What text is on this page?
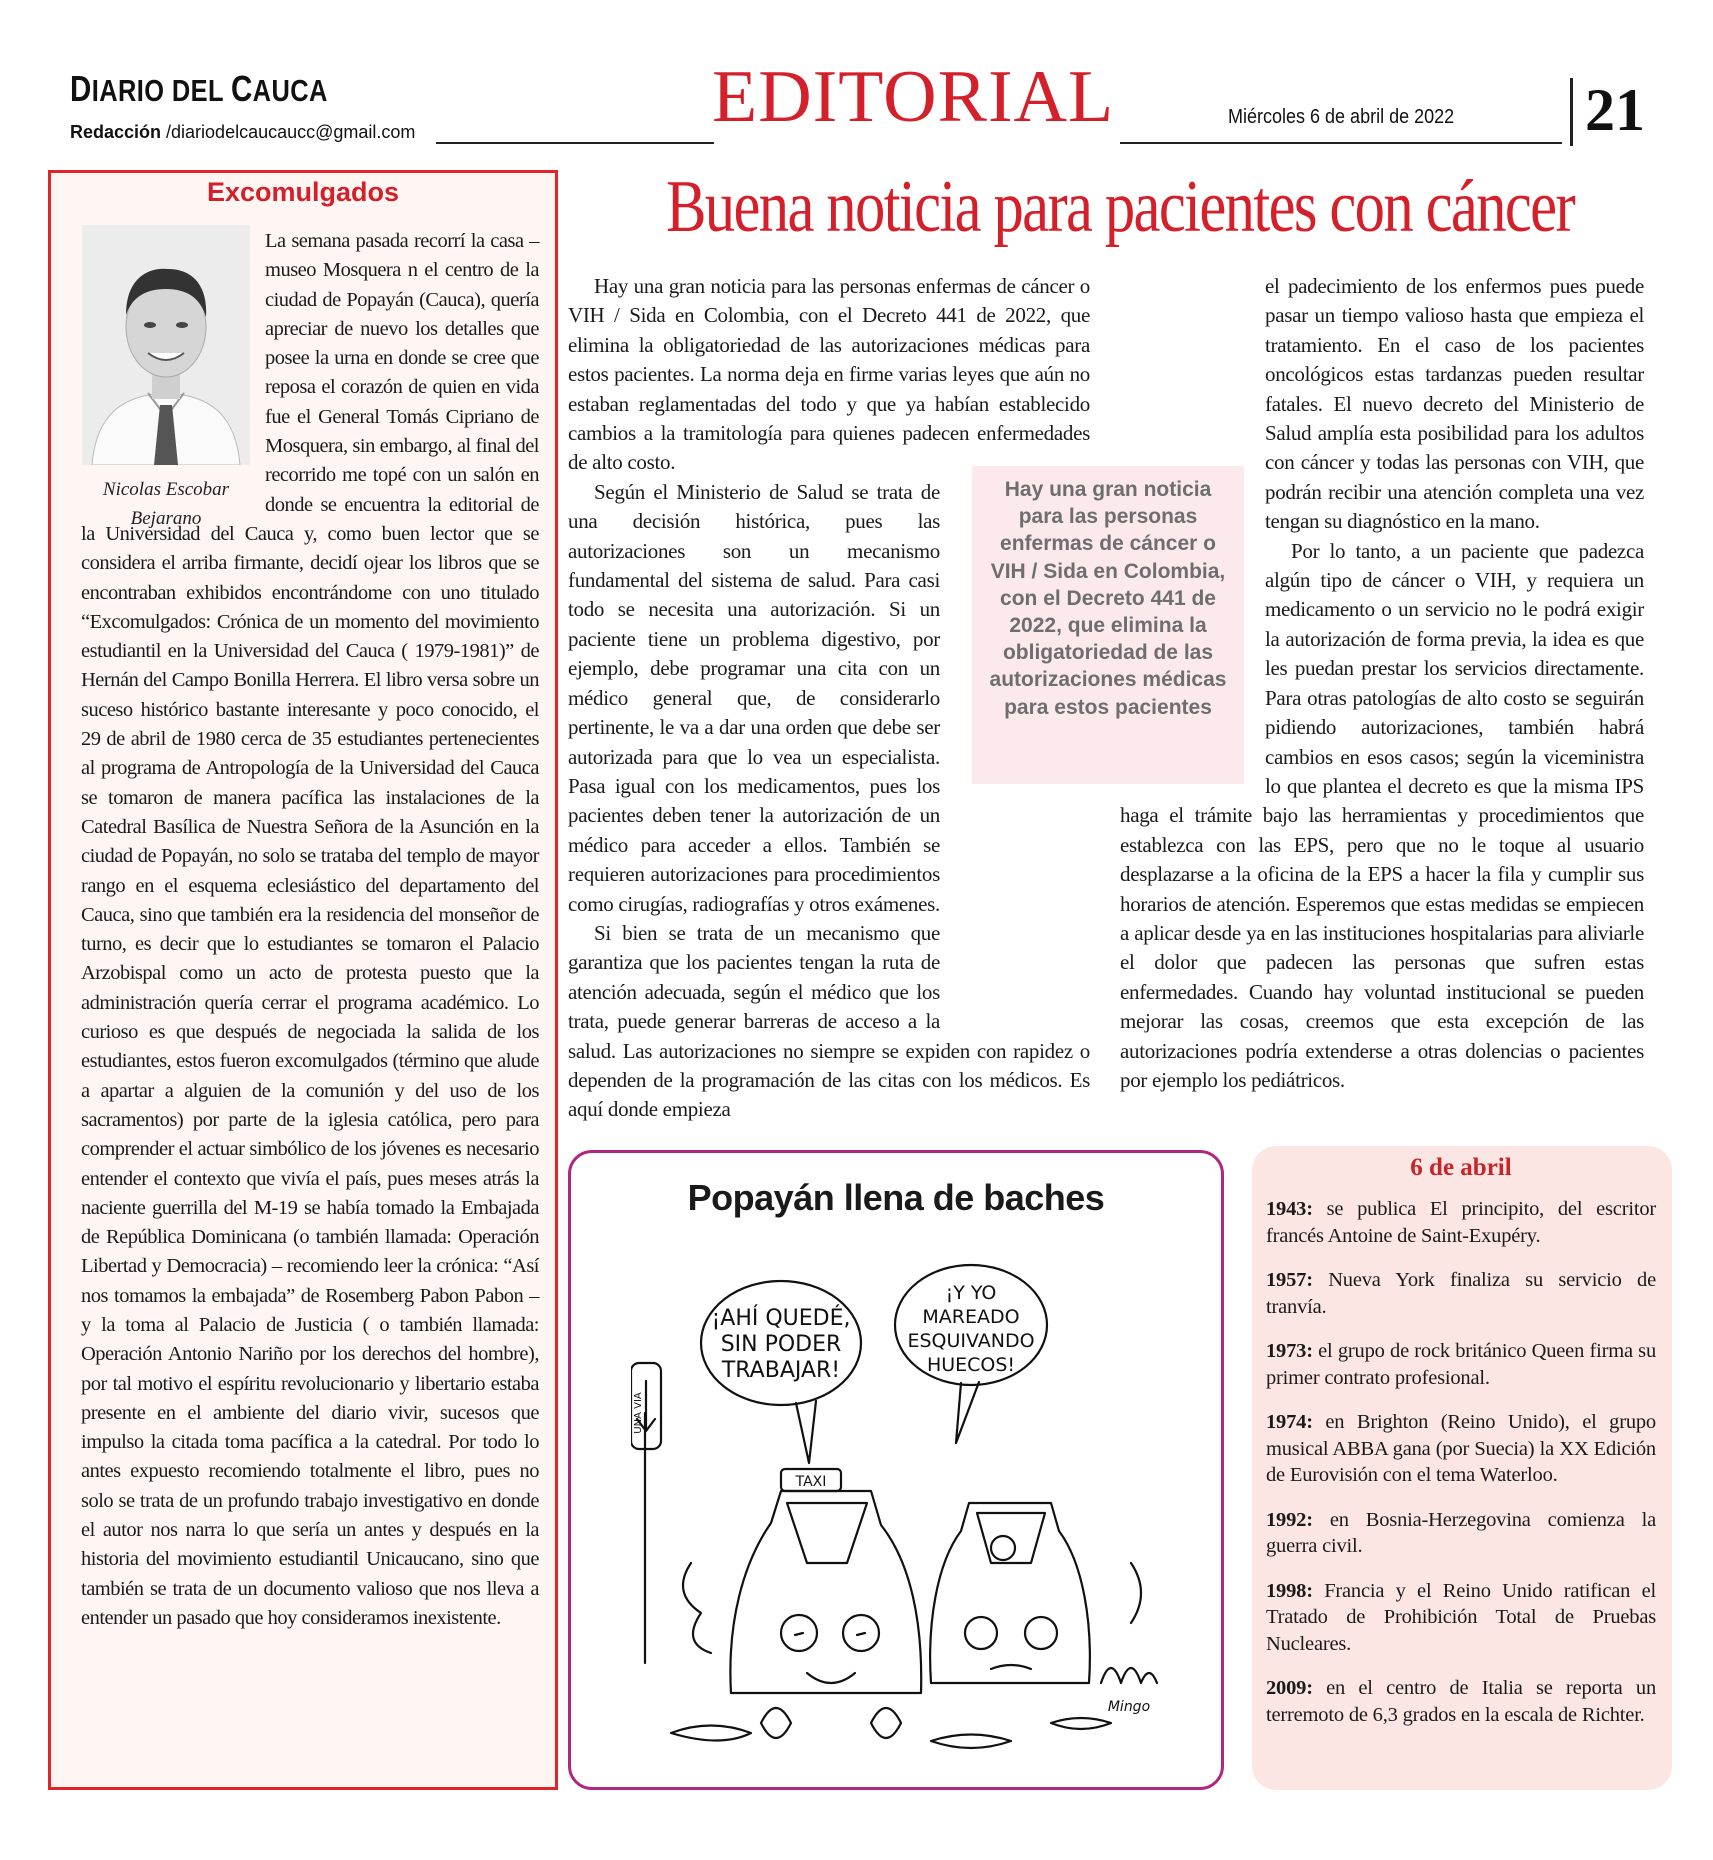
DIARIO DEL CAUCA
Redacción /diariodelcaucaucc@gmail.com	EDITORIAL	Miércoles 6 de abril de 2022 21
Excomulgados

La semana pasada recorrí la casa – museo Mosquera n el centro de la ciudad de Popayán (Cauca), quería apreciar de nuevo los detalles que posee la urna en donde se cree que reposa el corazón de quien en vida fue el General Tomás Cipriano de Mosquera, sin embargo, al final del recorrido me topé con un salón en donde se encuentra la editorial de la Universidad del Cauca y, como buen lector que se considera el arriba firmante, decidí ojear los libros que se encontraban exhibidos encontrándome con uno titulado “Excomulgados: Crónica de un momento del movimiento estudiantil en la Universidad del Cauca ( 1979-1981)” de Hernán del Campo Bonilla Herrera. El libro versa sobre un suceso histórico bastante interesante y poco conocido, el 29 de abril de 1980 cerca de 35 estudiantes pertenecientes al programa de Antropología de la Universidad del Cauca se tomaron de manera pacífica las instalaciones de la Catedral Basílica de Nuestra Señora de la Asunción en la ciudad de Popayán, no solo se trataba del templo de mayor rango en el esquema eclesiástico del departamento del Cauca, sino que también era la residencia del monseñor de turno, es decir que lo estudiantes se tomaron el Palacio Arzobispal como un acto de protesta puesto que la administración quería cerrar el programa académico. Lo curioso es que después de negociada la salida de los estudiantes, estos fueron excomulgados (término que alude a apartar a alguien de la comunión y del uso de los sacramentos) por parte de la iglesia católica, pero para comprender el actuar simbólico de los jóvenes es necesario entender el contexto que vivía el país, pues meses atrás la naciente guerrilla del M-19 se había tomado la Embajada de República Dominicana (o también llamada: Operación Libertad y Democracia) – recomiendo leer la crónica: “Así nos tomamos la embajada” de Rosemberg Pabon Pabon – y la toma al Palacio de Justicia ( o también llamada: Operación Antonio Nariño por los derechos del hombre), por tal motivo el espíritu revolucionario y libertario estaba presente en el ambiente del diario vivir, sucesos que impulso la citada toma pacífica a la catedral. Por todo lo antes expuesto recomiendo totalmente el libro, pues no solo se trata de un profundo trabajo investigativo en donde el autor nos narra lo que sería un antes y después en la historia del movimiento estudiantil Unicaucano, sino que también se trata de un documento valioso que nos lleva a entender un pasado que hoy consideramos inexistente.

Nicolas Escobar
Bejarano
Buena noticia para pacientes con cáncer

Hay una gran noticia para las personas enfermas de cáncer o VIH / Sida en Colombia, con el Decreto 441 de 2022, que elimina la obligatoriedad de las autorizaciones médicas para estos pacientes. La norma deja en firme varias leyes que aún no estaban reglamentadas del todo y que ya habían establecido cambios a la tramitología para quienes padecen enfermedades de alto costo.

Según el Ministerio de Salud se trata de una decisión histórica, pues las autorizaciones son un mecanismo fundamental del sistema de salud. Para casi todo se necesita una autorización. Si un paciente tiene un problema digestivo, por ejemplo, debe programar una cita con un médico general que, de considerarlo pertinente, le va a dar una orden que debe ser autorizada para que lo vea un especialista. Pasa igual con los medicamentos, pues los pacientes deben tener la autorización de un médico para acceder a ellos. También se requieren autorizaciones para procedimientos como cirugías, radiografías y otros exámenes.

Si bien se trata de un mecanismo que garantiza que los pacientes tengan la ruta de atención adecuada, según el médico que los trata, puede generar barreras de acceso a la salud. Las autorizaciones no siempre se expiden con rapidez o dependen de la programación de las citas con los médicos. Es aquí donde empieza

el padecimiento de los enfermos pues puede pasar un tiempo valioso hasta que empieza el tratamiento. En el caso de los pacientes oncológicos estas tardanzas pueden resultar fatales. El nuevo decreto del Ministerio de Salud amplía esta posibilidad para los adultos con cáncer y todas las personas con VIH, que podrán recibir una atención completa una vez tengan su diagnóstico en la mano.

Por lo tanto, a un paciente que padezca algún tipo de cáncer o VIH, y requiera un medicamento o un servicio no le podrá exigir la autorización de forma previa, la idea es que les puedan prestar los servicios directamente. Para otras patologías de alto costo se seguirán pidiendo autorizaciones, también habrá cambios en esos casos; según la viceministra lo que plantea el decreto es que la misma IPS haga el trámite bajo las herramientas y procedimientos que establezca con las EPS, pero que no le toque al usuario desplazarse a la oficina de la EPS a hacer la fila y cumplir sus horarios de atención. Esperemos que estas medidas se empiecen a aplicar desde ya en las instituciones hospitalarias para aliviarle el dolor que padecen las personas que sufren estas enfermedades. Cuando hay voluntad institucional se pueden mejorar las cosas, creemos que esta excepción de las autorizaciones podría extenderse a otras dolencias o pacientes por ejemplo los pediátricos.

Hay una gran noticia para las personas enfermas de cáncer o VIH / Sida en Colombia, con el Decreto 441 de 2022, que elimina la obligatoriedad de las autorizaciones médicas para estos pacientes
Popayán llena de baches
¡AHÍ QUEDÉ,
SIN PODER
TRABAJAR!
¡Y YO
MAREADO
ESQUIVANDO
HUECOS!
TAXI
UNA VIA
Mingo
6 de abril
1943: se publica El principito, del escritor francés Antoine de Saint-Exupéry.
1957: Nueva York finaliza su servicio de tranvía.
1973: el grupo de rock británico Queen firma su primer contrato profesional.
1974: en Brighton (Reino Unido), el grupo musical ABBA gana (por Suecia) la XX Edición de Eurovisión con el tema Waterloo.
1992: en Bosnia-Herzegovina comienza la guerra civil.
1998: Francia y el Reino Unido ratifican el Tratado de Prohibición Total de Pruebas Nucleares.
2009: en el centro de Italia se reporta un terremoto de 6,3 grados en la escala de Richter.
